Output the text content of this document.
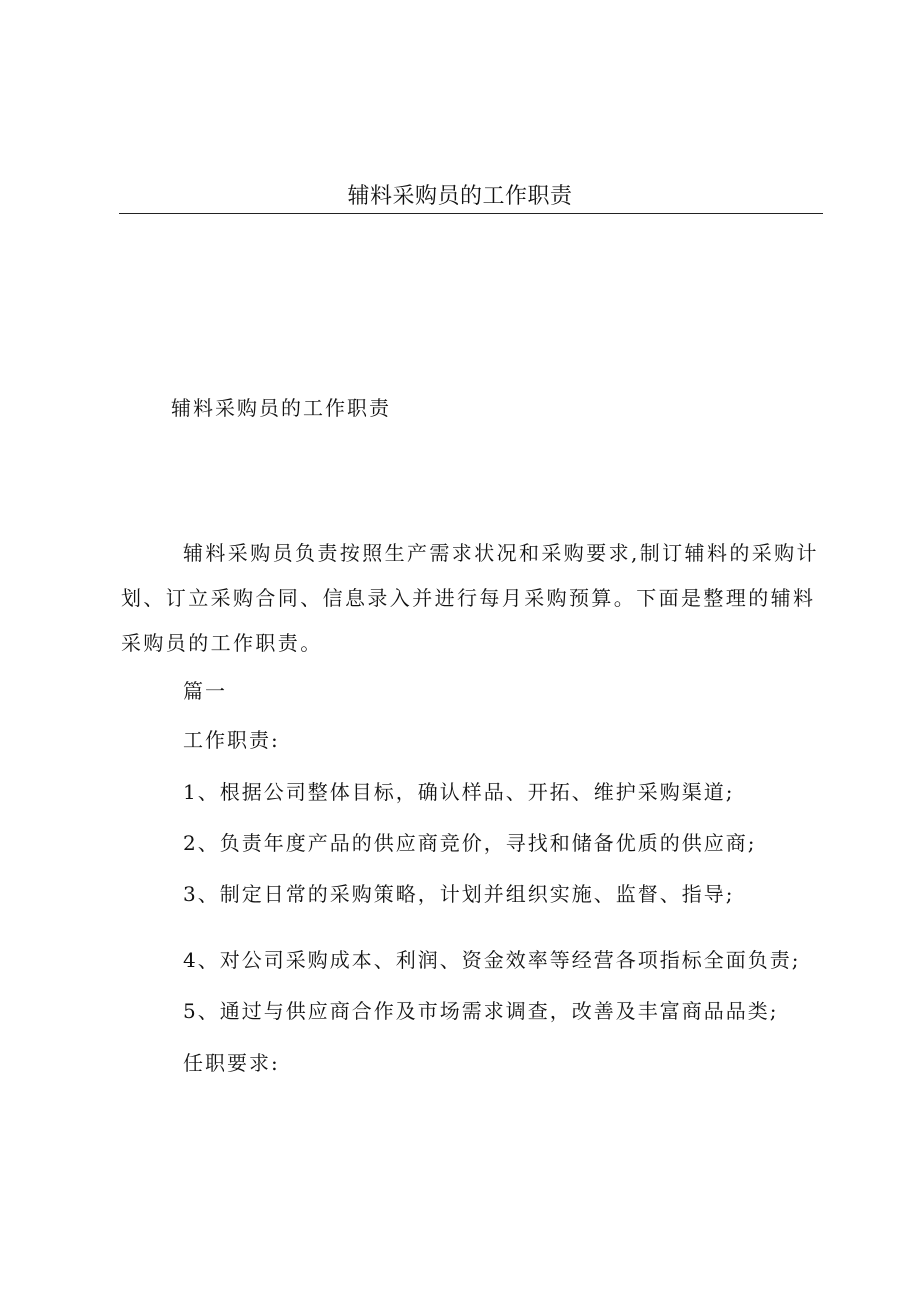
辅料采购员的工作职责
辅料采购员的工作职责

辅料采购员负责按照生产需求状况和采购要求,制订辅料的采购计划、订立采购合同、信息录入并进行每月采购预算。下面是整理的辅料采购员的工作职责。

篇一
工作职责:
1、根据公司整体目标，确认样品、开拓、维护采购渠道;
2、负责年度产品的供应商竞价，寻找和储备优质的供应商;
3、制定日常的采购策略，计划并组织实施、监督、指导;
4、对公司采购成本、利润、资金效率等经营各项指标全面负责;
5、通过与供应商合作及市场需求调查，改善及丰富商品品类;
任职要求:
